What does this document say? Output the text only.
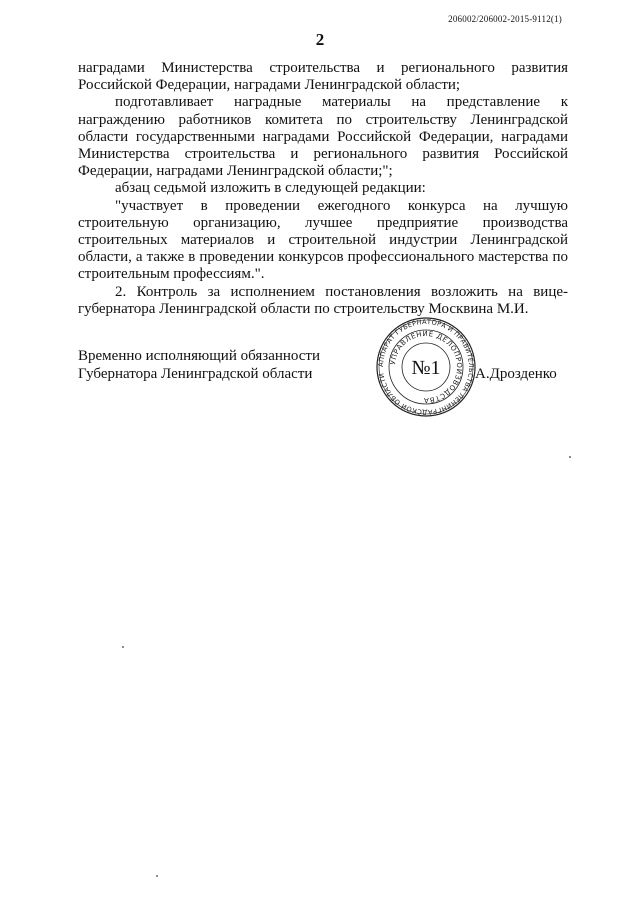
206002/206002-2015-9112(1)
2

наградами Министерства строительства и регионального развития Российской Федерации, наградами Ленинградской области;

подготавливает наградные материалы на представление к награждению работников комитета по строительству Ленинградской области государственными наградами Российской Федерации, наградами Министерства строительства и регионального развития Российской Федерации, наградами Ленинградской области;";

абзац седьмой изложить в следующей редакции:

"участвует в проведении ежегодного конкурса на лучшую строительную организацию, лучшее предприятие производства строительных материалов и строительной индустрии Ленинградской области, а также в проведении конкурсов профессионального мастерства по строительным профессиям.".

2. Контроль за исполнением постановления возложить на вице-губернатора Ленинградской области по строительству Москвина М.И.

Временно исполняющий обязанности
Губернатора Ленинградской области
АППАРАТ ГУБЕРНАТОРА И ПРАВИТЕЛЬСТВА ЛЕНИНГРАДСКОЙ ОБЛАСТИ
УПРАВЛЕНИЕ ДЕЛОПРОИЗВОДСТВА
№1 А.Дрозденко
